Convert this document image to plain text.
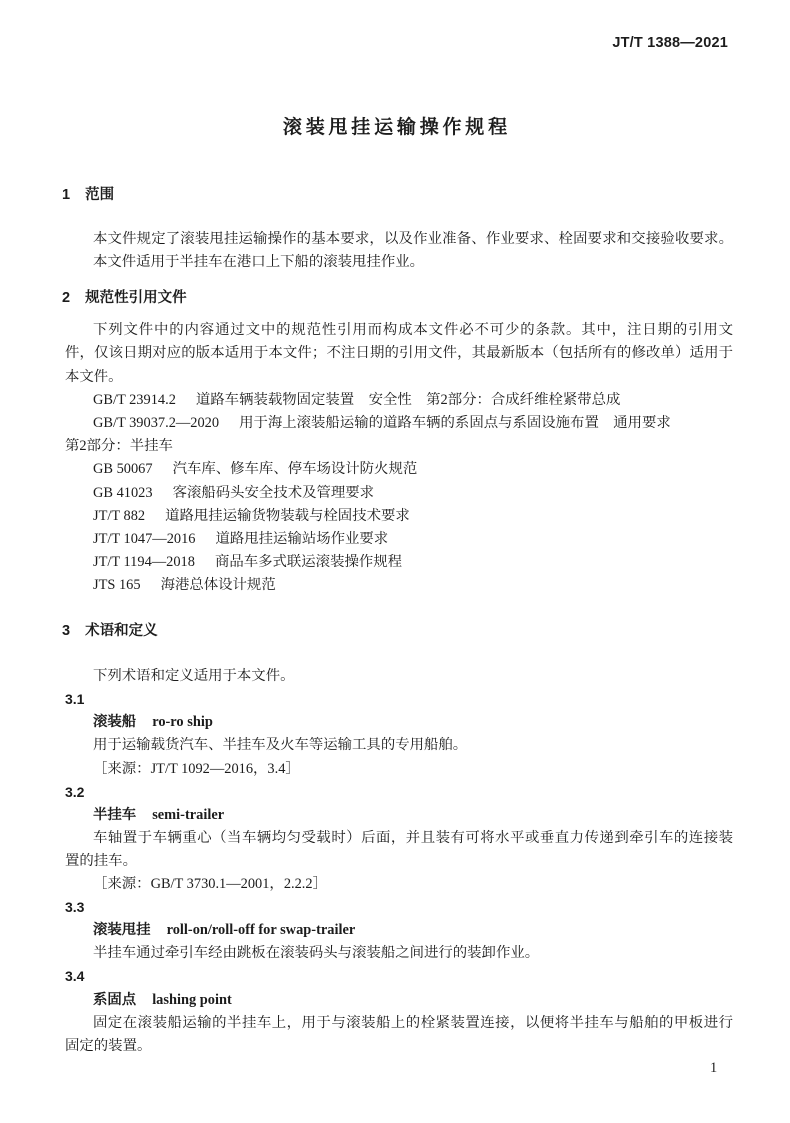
JT/T 1388—2021
滚装甩挂运输操作规程
1 范围

本文件规定了滚装甩挂运输操作的基本要求，以及作业准备、作业要求、栓固要求和交接验收要求。

本文件适用于半挂车在港口上下船的滚装甩挂作业。

2 规范性引用文件

下列文件中的内容通过文中的规范性引用而构成本文件必不可少的条款。其中，注日期的引用文

件，仅该日期对应的版本适用于本文件；不注日期的引用文件，其最新版本（包括所有的修改单）适用于

本文件。

GB/T 23914.2 道路车辆装载物固定装置　安全性　第2部分：合成纤维栓紧带总成
GB/T 39037.2—2020 用于海上滚装船运输的道路车辆的系固点与系固设施布置　通用要求
第2部分：半挂车
GB 50067 汽车库、修车库、停车场设计防火规范
GB 41023 客滚船码头安全技术及管理要求
JT/T 882 道路甩挂运输货物装载与栓固技术要求
JT/T 1047—2016 道路甩挂运输站场作业要求
JT/T 1194—2018 商品车多式联运滚装操作规程
JTS 165 海港总体设计规范
3 术语和定义

下列术语和定义适用于本文件。

3.1
滚装船 ro-ro ship

用于运输载货汽车、半挂车及火车等运输工具的专用船舶。

［来源：JT/T 1092—2016，3.4］

3.2
半挂车 semi-trailer

车轴置于车辆重心（当车辆均匀受载时）后面，并且装有可将水平或垂直力传递到牵引车的连接装

置的挂车。

［来源：GB/T 3730.1—2001，2.2.2］

3.3
滚装甩挂 roll-on/roll-off for swap-trailer

半挂车通过牵引车经由跳板在滚装码头与滚装船之间进行的装卸作业。

3.4
系固点 lashing point

固定在滚装船运输的半挂车上，用于与滚装船上的栓紧装置连接，以便将半挂车与船舶的甲板进行

固定的装置。

1
